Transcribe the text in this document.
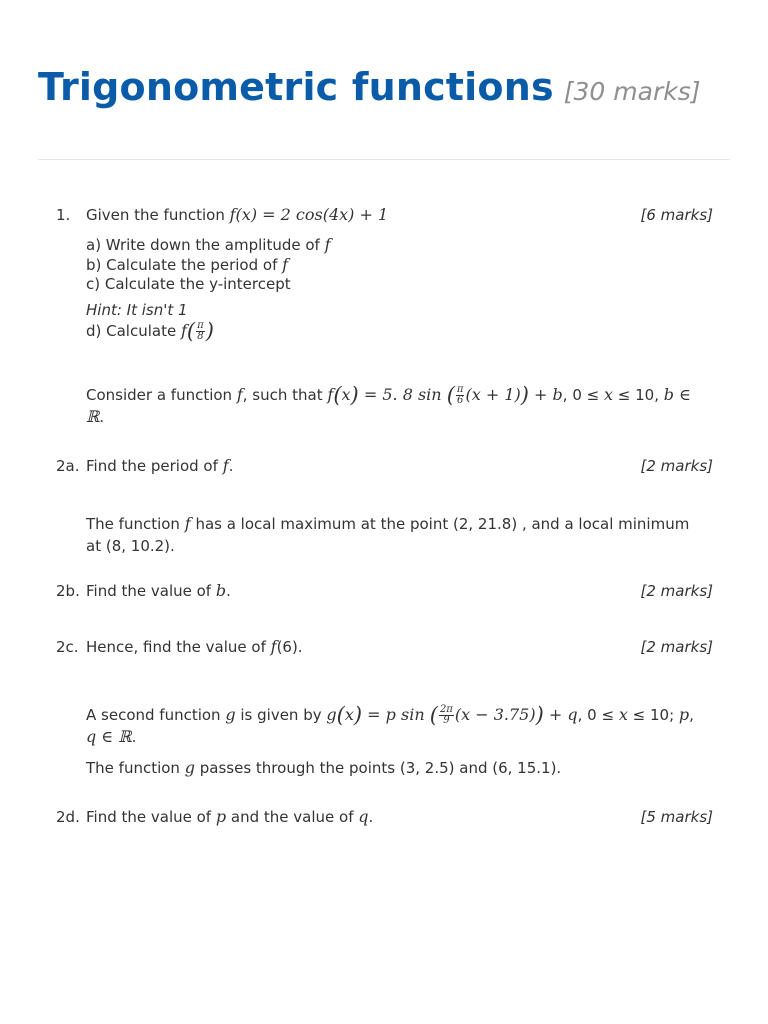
Trigonometric functions [30 marks]
1. Given the function f(x) = 2 cos(4x) + 1	[6 marks]
a) Write down the amplitude of f
b) Calculate the period of f
c) Calculate the y-intercept
Hint: It isn't 1
d) Calculate $f( \frac{\pi}{8}$ )
Consider a function f, such that f(x) = 5. 8 sin ( $\frac{\pi}{6} (x + 1)) + b$, 0 ≤ x ≤ 10, b ∈ ℝ.
2a. Find the period of f.	[2 marks]
The function f has a local maximum at the point (2, 21.8) , and a local minimum at (8, 10.2).
2b. Find the value of b.	[2 marks]
2c. Hence, find the value of f(6).	[2 marks]
A second function g is given by g(x) = p sin ( $\frac{2\pi}{9} (x - 3.75)) + q$, 0 ≤ x ≤ 10; p, q ∈ ℝ.
The function g passes through the points (3, 2.5) and (6, 15.1).
2d. Find the value of p and the value of q.	[5 marks]
